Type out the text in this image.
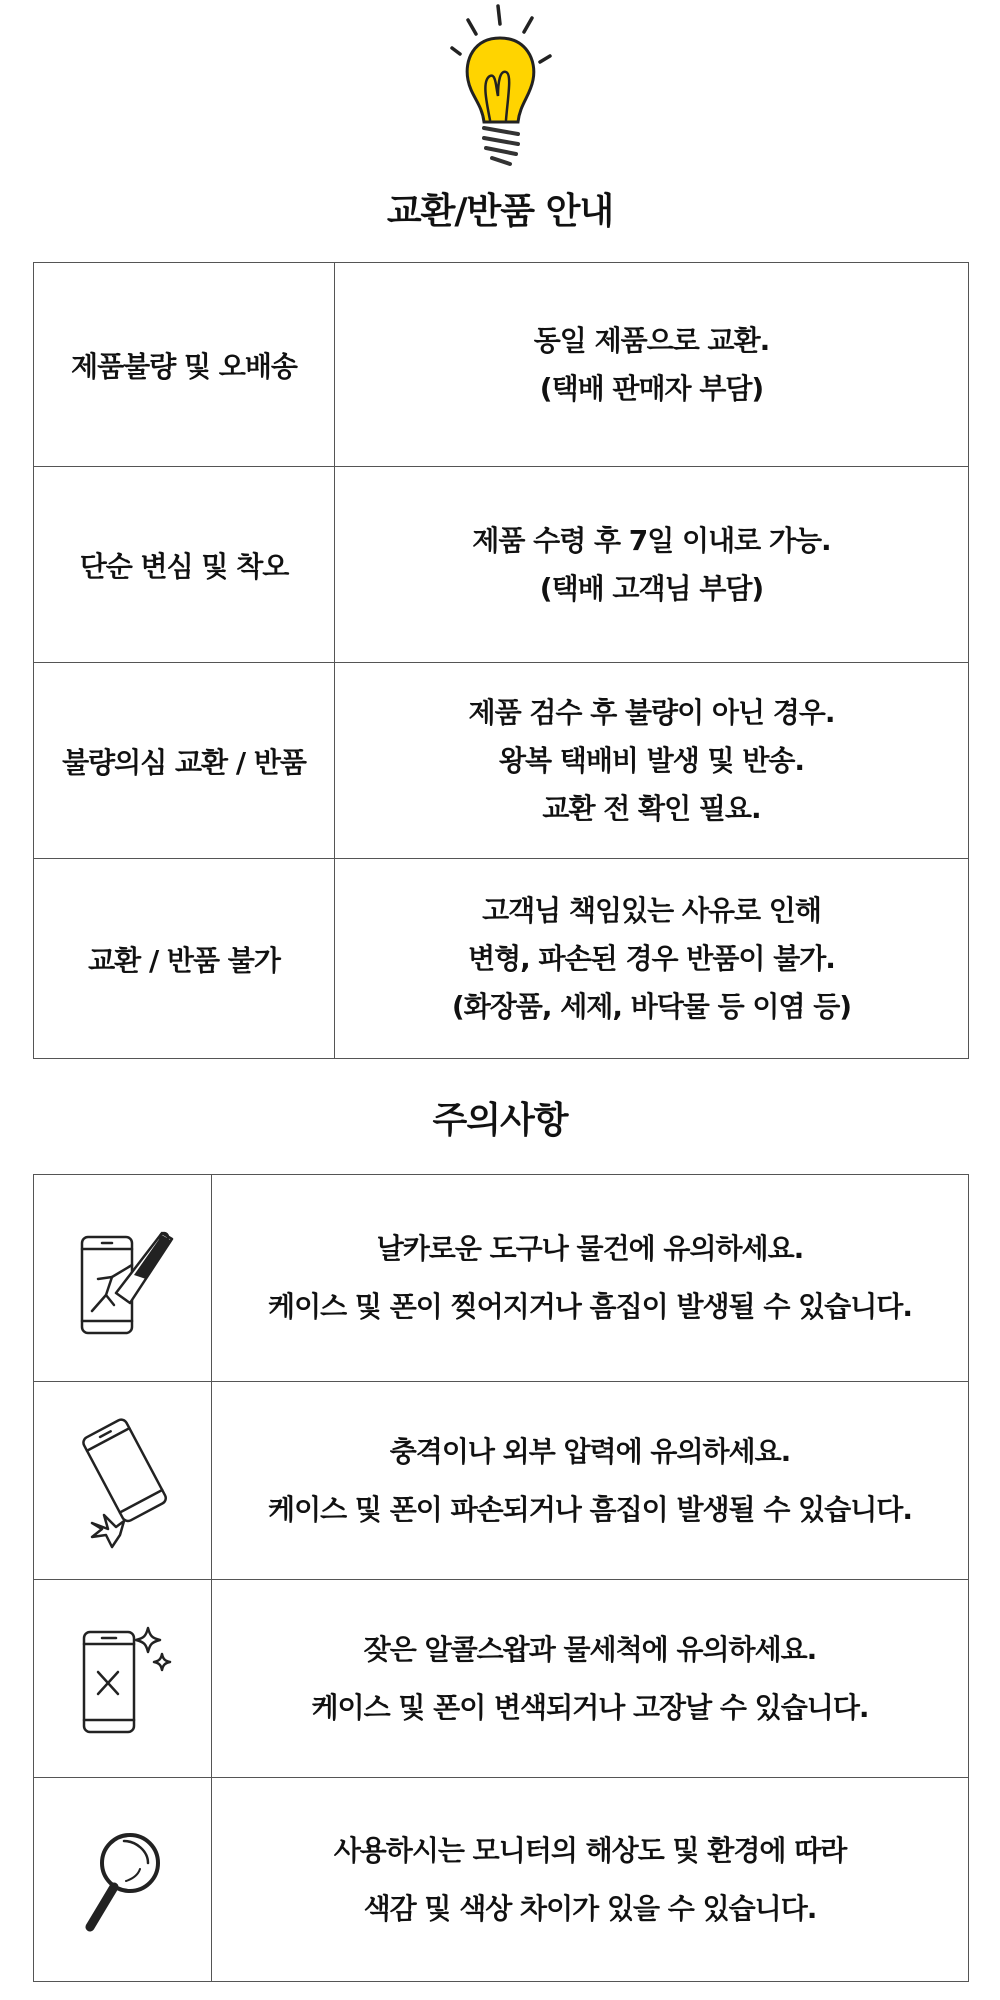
교환/반품 안내
제품불량 및 오배송	동일 제품으로 교환.
(택배 판매자 부담)

단순 변심 및 착오	제품 수령 후 7일 이내로 가능.
(택배 고객님 부담)

불량의심 교환 / 반품	제품 검수 후 불량이 아닌 경우.
왕복 택배비 발생 및 반송.
교환 전 확인 필요.

교환 / 반품 불가	고객님 책임있는 사유로 인해
변형, 파손된 경우 반품이 불가.
(화장품, 세제, 바닥물 등 이염 등)
주의사항

날카로운 도구나 물건에 유의하세요.
케이스 및 폰이 찢어지거나 흠집이 발생될 수 있습니다.

충격이나 외부 압력에 유의하세요.
케이스 및 폰이 파손되거나 흠집이 발생될 수 있습니다.

잦은 알콜스왑과 물세척에 유의하세요.
케이스 및 폰이 변색되거나 고장날 수 있습니다.

사용하시는 모니터의 해상도 및 환경에 따라
색감 및 색상 차이가 있을 수 있습니다.
